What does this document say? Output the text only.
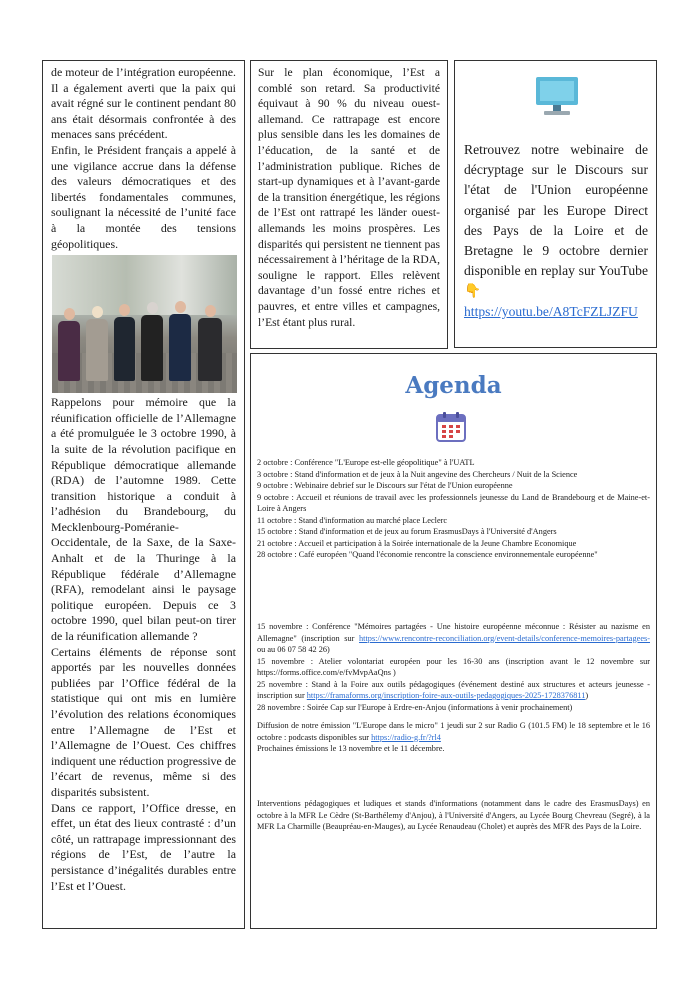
de moteur de l’intégration européenne. Il a également averti que la paix qui avait régné sur le continent pendant 80 ans était désormais confrontée à des menaces sans précédent.

Enfin, le Président français a appelé à une vigilance accrue dans la défense des valeurs démocratiques et des libertés fondamentales communes, soulignant la nécessité de l’unité face à la montée des tensions géopolitiques.

Rappelons pour mémoire que la réunification officielle de l’Allemagne a été promulguée le 3 octobre 1990, à la suite de la révolution pacifique en République démocratique allemande (RDA) de l’automne 1989. Cette transition historique a conduit à l’adhésion du Brandebourg, du Mecklenbourg-Poméranie-Occidentale, de la Saxe, de la Saxe-Anhalt et de la Thuringe à la République fédérale d’Allemagne (RFA), remodelant ainsi le paysage politique européen. Depuis ce 3 octobre 1990, quel bilan peut-on tirer de la réunification allemande ?

Certains éléments de réponse sont apportés par les nouvelles données publiées par l’Office fédéral de la statistique qui ont mis en lumière l’évolution des relations économiques entre l’Allemagne de l’Est et l’Allemagne de l’Ouest. Ces chiffres indiquent une réduction progressive de l’écart de revenus, même si des disparités subsistent.

Dans ce rapport, l’Office dresse, en effet, un état des lieux contrasté : d’un côté, un rattrapage impressionnant des régions de l’Est, de l’autre la persistance d’inégalités durables entre l’Est et l’Ouest.

Sur le plan économique, l’Est a comblé son retard. Sa productivité équivaut à 90 % du niveau ouest-allemand. Ce rattrapage est encore plus sensible dans les les domaines de l’éducation, de la santé et de l’administration publique. Riches de start-up dynamiques et à l’avant-garde de la transition énergétique, les régions de l’Est ont rattrapé les länder ouest-allemands les moins prospères. Les disparités qui persistent ne tiennent pas nécessairement à l’héritage de la RDA, souligne le rapport. Elles relèvent davantage d’un fossé entre riches et pauvres, et entre villes et campagnes, l’Est étant plus rural.

Retrouvez notre webinaire de décryptage sur le Discours sur l'état de l'Union européenne organisé par les Europe Direct des Pays de la Loire et de Bretagne le 9 octobre dernier disponible en replay sur YouTube 👇 https://youtu.be/A8TcFZLJZFU

Agenda

2 octobre : Conférence "L'Europe est-elle géopolitique" à l'UATL

3 octobre : Stand d'information et de jeux à la Nuit angevine des Chercheurs / Nuit de la Science

9 octobre : Webinaire debrief sur le Discours sur l'état de l'Union européenne

9 octobre : Accueil et réunions de travail avec les professionnels jeunesse du Land de Brandebourg et de Maine-et-Loire à Angers

11 octobre : Stand d'information au marché place Leclerc

15 octobre : Stand d'information et de jeux au forum ErasmusDays à l'Université d'Angers

21 octobre : Accueil et participation à la Soirée internationale de la Jeune Chambre Economique

28 octobre : Café européen "Quand l'économie rencontre la conscience environnementale européenne"

15 novembre : Conférence "Mémoires partagées - Une histoire européenne méconnue : Résister au nazisme en Allemagne" (inscription sur https://www.rencontre-reconciliation.org/event-details/conference-memoires-partagees- ou au 06 07 58 42 26)

15 novembre : Atelier volontariat européen pour les 16-30 ans (inscription avant le 12 novembre sur https://forms.office.com/e/fvMvpAaQns )

25 novembre : Stand à la Foire aux outils pédagogiques (événement destiné aux structures et acteurs jeunesse - inscription sur https://framaforms.org/inscription-foire-aux-outils-pedagogiques-2025-1728376811)

28 novembre : Soirée Cap sur l'Europe à Erdre-en-Anjou (informations à venir prochainement)

Diffusion de notre émission "L'Europe dans le micro" 1 jeudi sur 2 sur Radio G (101.5 FM) le 18 septembre et le 16 octobre : podcasts disponibles sur https://radio-g.fr/?rl4

Prochaines émissions le 13 novembre et le 11 décembre.

Interventions pédagogiques et ludiques et stands d'informations (notamment dans le cadre des ErasmusDays) en octobre à la MFR Le Cèdre (St-Barthélemy d'Anjou), à l'Université d'Angers, au Lycée Bourg Chevreau (Segré), à la MFR La Charmille (Beaupréau-en-Mauges), au Lycée Renaudeau (Cholet) et auprès des MFR des Pays de la Loire.
